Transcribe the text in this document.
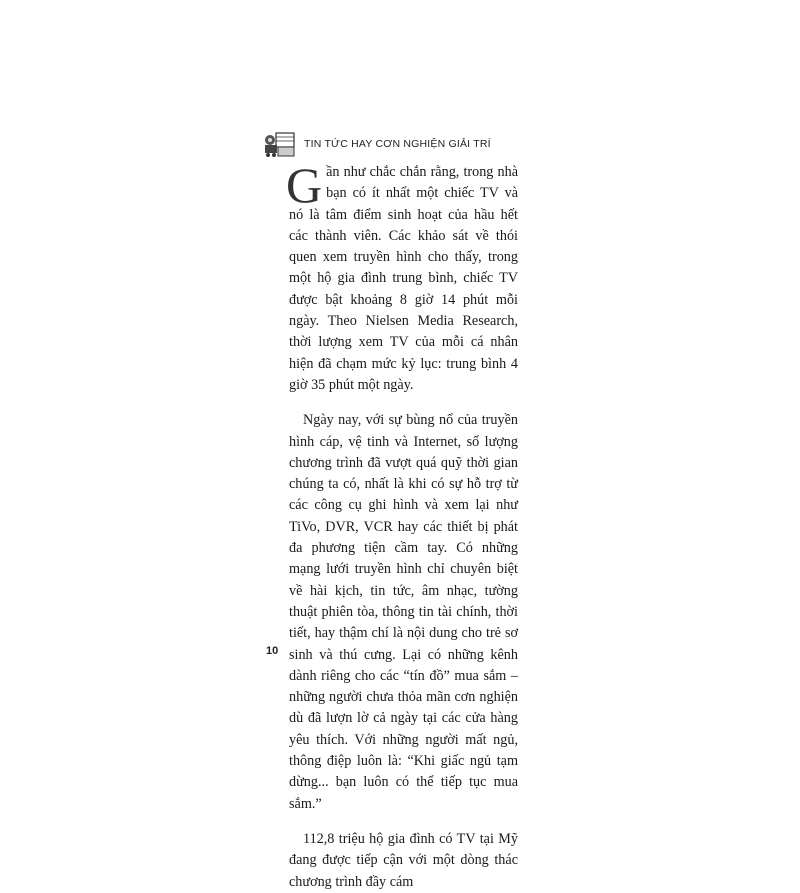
TIN TỨC HAY CƠN NGHIỆN GIẢI TRÍ

Gần như chắc chắn rằng, trong nhà bạn có ít nhất một chiếc TV và nó là tâm điểm sinh hoạt của hầu hết các thành viên. Các khảo sát về thói quen xem truyền hình cho thấy, trong một hộ gia đình trung bình, chiếc TV được bật khoảng 8 giờ 14 phút mỗi ngày. Theo Nielsen Media Research, thời lượng xem TV của mỗi cá nhân hiện đã chạm mức kỷ lục: trung bình 4 giờ 35 phút một ngày.

Ngày nay, với sự bùng nổ của truyền hình cáp, vệ tinh và Internet, số lượng chương trình đã vượt quá quỹ thời gian chúng ta có, nhất là khi có sự hỗ trợ từ các công cụ ghi hình và xem lại như TiVo, DVR, VCR hay các thiết bị phát đa phương tiện cầm tay. Có những mạng lưới truyền hình chỉ chuyên biệt về hài kịch, tin tức, âm nhạc, tường thuật phiên tòa, thông tin tài chính, thời tiết, hay thậm chí là nội dung cho trẻ sơ sinh và thú cưng. Lại có những kênh dành riêng cho các “tín đồ” mua sắm – những người chưa thỏa mãn cơn nghiện dù đã lượn lờ cả ngày tại các cửa hàng yêu thích. Với những người mất ngủ, thông điệp luôn là: “Khi giấc ngủ tạm dừng... bạn luôn có thể tiếp tục mua sắm.”

112,8 triệu hộ gia đình có TV tại Mỹ đang được tiếp cận với một dòng thác chương trình đầy cám

10
